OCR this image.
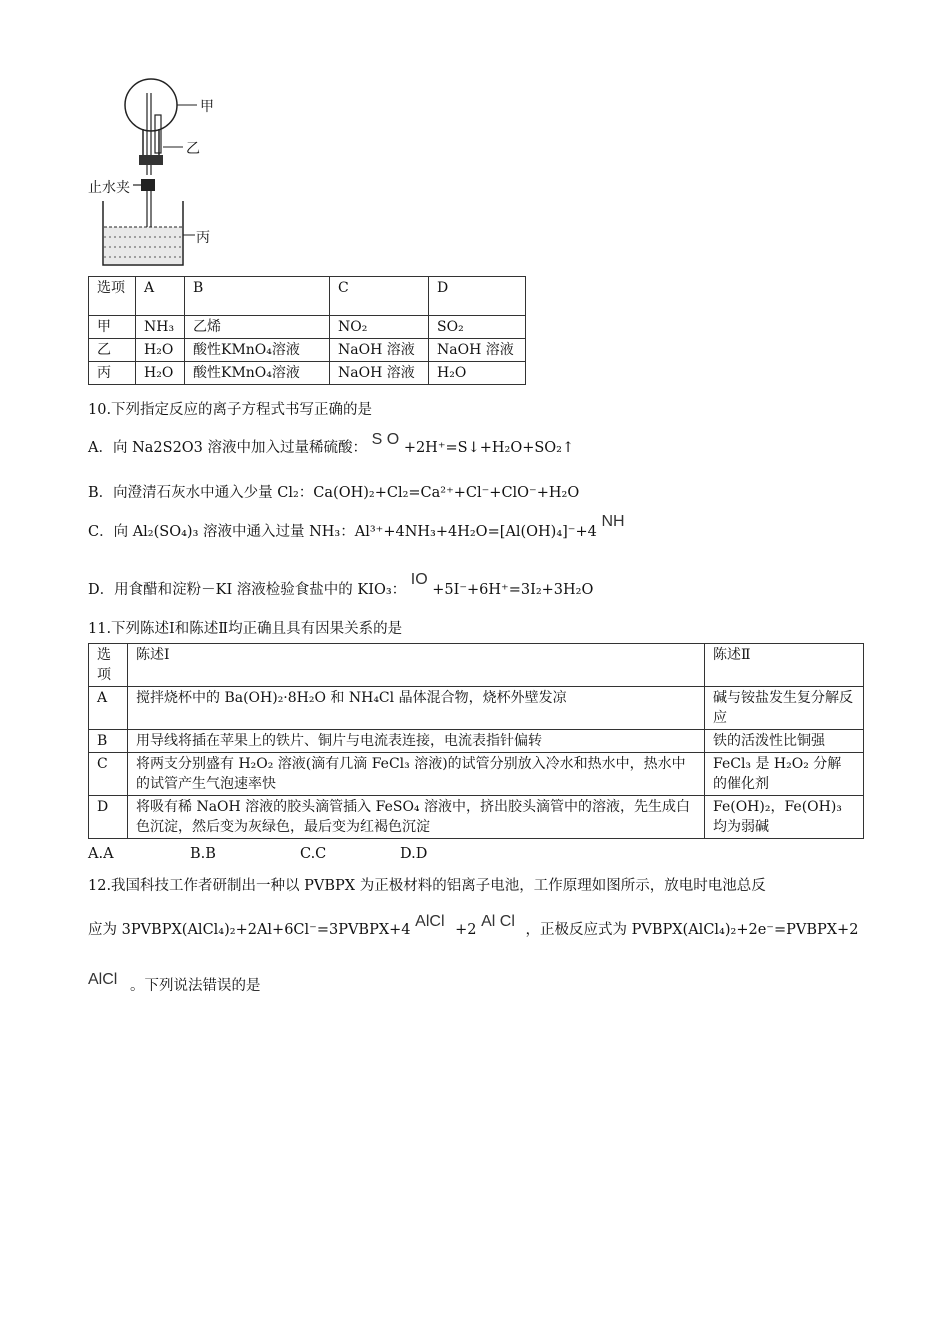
甲
乙
止水夹
丙
选项	A	B	C	D
甲	NH₃	乙烯	NO₂	SO₂
乙	H₂O	酸性KMnO₄溶液	NaOH 溶液	NaOH 溶液
丙	H₂O	酸性KMnO₄溶液	NaOH 溶液	H₂O
10.下列指定反应的离子方程式书写正确的是
A．向 Na2S2O3 溶液中加入过量稀硫酸： S O +2H⁺=S↓+H₂O+SO₂↑
B．向澄清石灰水中通入少量 Cl₂：Ca(OH)₂+Cl₂=Ca²⁺+Cl⁻+ClO⁻+H₂O
C．向 Al₂(SO₄)₃ 溶液中通入过量 NH₃：Al³⁺+4NH₃+4H₂O=[Al(OH)₄]⁻+4 NH
D．用食醋和淀粉－KI 溶液检验食盐中的 KIO₃： IO +5I⁻+6H⁺=3I₂+3H₂O
11.下列陈述Ⅰ和陈述Ⅱ均正确且具有因果关系的是
选项	陈述Ⅰ	陈述Ⅱ
A	搅拌烧杯中的 Ba(OH)₂·8H₂O 和 NH₄Cl 晶体混合物，烧杯外壁发凉	碱与铵盐发生复分解反应
B	用导线将插在苹果上的铁片、铜片与电流表连接，电流表指针偏转	铁的活泼性比铜强
C	将两支分别盛有 H₂O₂ 溶液(滴有几滴 FeCl₃ 溶液)的试管分别放入冷水和热水中，热水中的试管产生气泡速率快	FeCl₃ 是 H₂O₂ 分解的催化剂
D	将吸有稀 NaOH 溶液的胶头滴管插入 FeSO₄ 溶液中，挤出胶头滴管中的溶液，先生成白色沉淀，然后变为灰绿色，最后变为红褐色沉淀	Fe(OH)₂，Fe(OH)₃ 均为弱碱
A.A	B.B	C.C	D.D
12.我国科技工作者研制出一种以 PVBPX 为正极材料的铝离子电池，工作原理如图所示，放电时电池总反
应为 3PVBPX(AlCl₄)₂+2Al+6Cl⁻=3PVBPX+4 AlCl +2 Al Cl ，正极反应式为 PVBPX(AlCl₄)₂+2e⁻=PVBPX+2
AlCl 。下列说法错误的是
